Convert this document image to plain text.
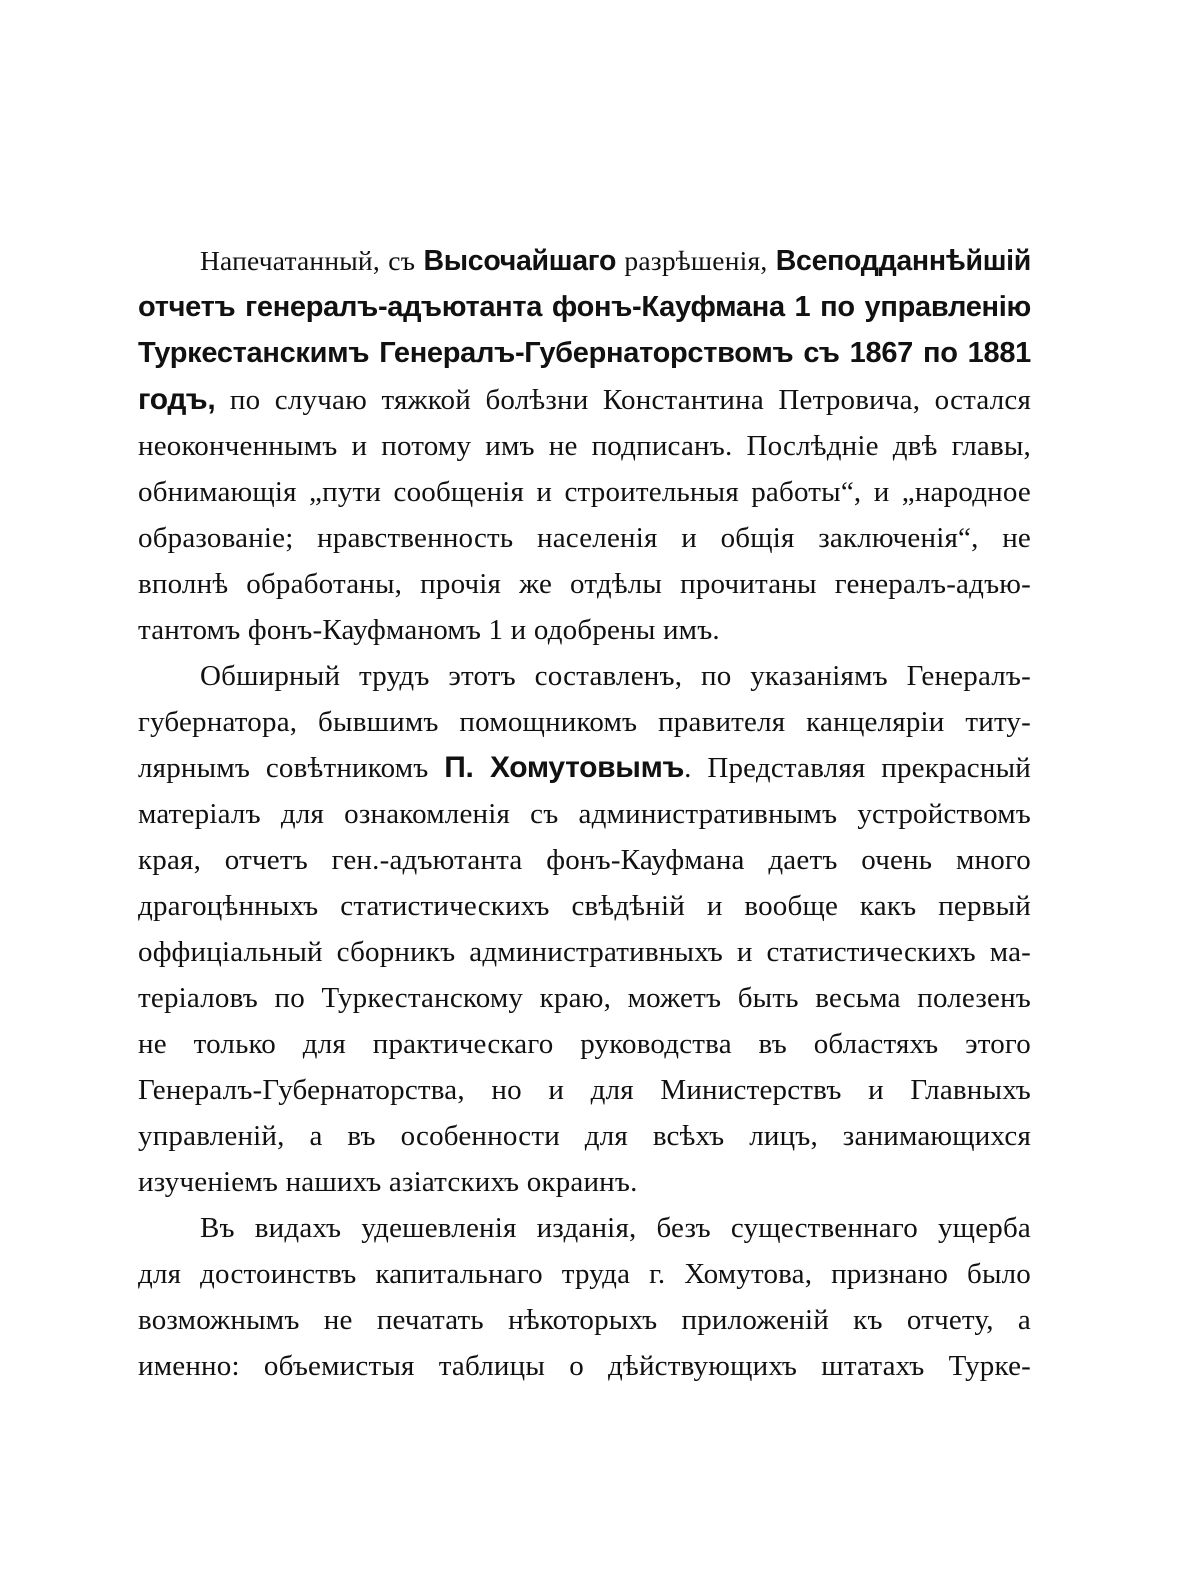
Напечатанный, съ Высочайшаго разрѣшенія, Всеподданнѣйшій
отчетъ генералъ-адъютанта фонъ-Кауфмана 1 по управленію
Туркестанскимъ Генералъ-Губернаторствомъ съ 1867 по 1881
годъ, по случаю тяжкой болѣзни Константина Петровича, остался
неоконченнымъ и потому имъ не подписанъ. Послѣдніе двѣ главы,
обнимающія „пути сообщенія и строительныя работы“, и „народное
образованіе; нравственность населенія и общія заключенія“, не
вполнѣ обработаны, прочія же отдѣлы прочитаны генералъ-адъю-
тантомъ фонъ-Кауфманомъ 1 и одобрены имъ.
Обширный трудъ этотъ составленъ, по указаніямъ Генералъ-
губернатора, бывшимъ помощникомъ правителя канцеляріи титу-
лярнымъ совѣтникомъ П. Хомутовымъ. Представляя прекрасный
матеріалъ для ознакомленія съ административнымъ устройствомъ
края, отчетъ ген.-адъютанта фонъ-Кауфмана даетъ очень много
драгоцѣнныхъ статистическихъ свѣдѣній и вообще какъ первый
оффиціальный сборникъ административныхъ и статистическихъ ма-
теріаловъ по Туркестанскому краю, можетъ быть весьма полезенъ
не только для практическаго руководства въ областяхъ этого
Генералъ-Губернаторства, но и для Министерствъ и Главныхъ
управленій, а въ особенности для всѣхъ лицъ, занимающихся
изученіемъ нашихъ азіатскихъ окраинъ.
Въ видахъ удешевленія изданія, безъ существеннаго ущерба
для достоинствъ капитальнаго труда г. Хомутова, признано было
возможнымъ не печатать нѣкоторыхъ приложеній къ отчету, а
именно: объемистыя таблицы о дѣйствующихъ штатахъ Турке-
